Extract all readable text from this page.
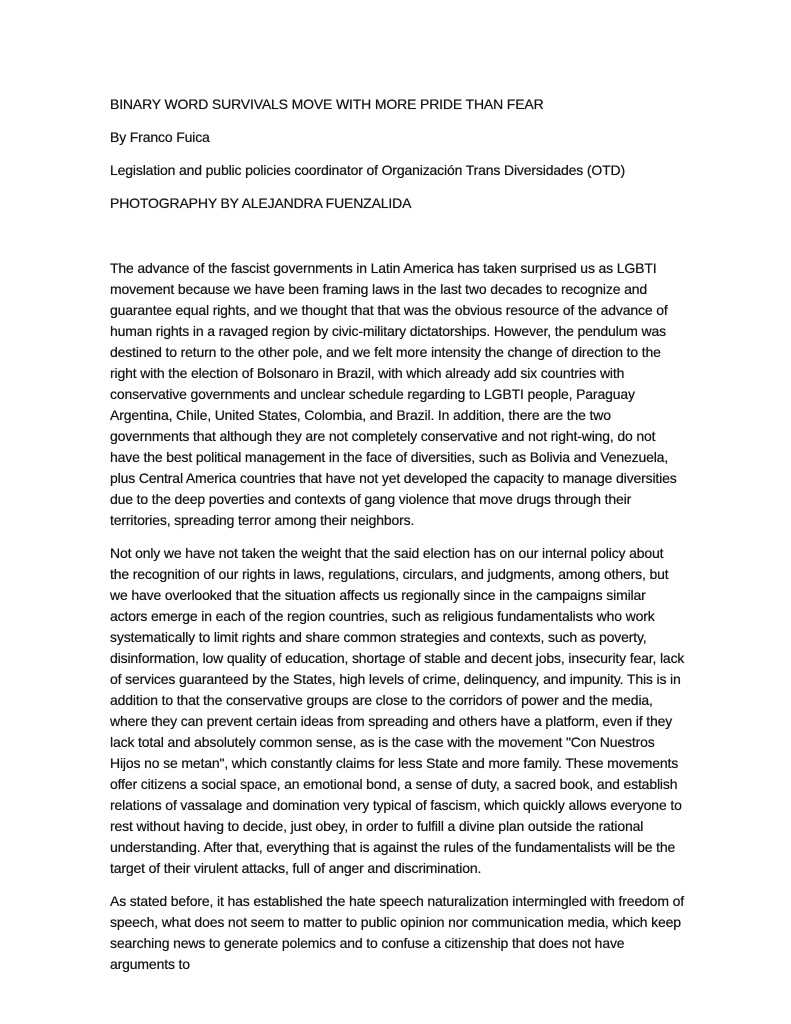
BINARY WORD SURVIVALS MOVE WITH MORE PRIDE THAN FEAR

By Franco Fuica

Legislation and public policies coordinator of Organización Trans Diversidades (OTD)

PHOTOGRAPHY BY ALEJANDRA FUENZALIDA

The advance of the fascist governments in Latin America has taken surprised us as LGBTI movement because we have been framing laws in the last two decades to recognize and guarantee equal rights, and we thought that that was the obvious resource of the advance of human rights in a ravaged region by civic-military dictatorships. However, the pendulum was destined to return to the other pole, and we felt more intensity the change of direction to the right with the election of Bolsonaro in Brazil, with which already add six countries with conservative governments and unclear schedule regarding to LGBTI people, Paraguay Argentina, Chile, United States, Colombia, and Brazil. In addition, there are the two governments that although they are not completely conservative and not right-wing, do not have the best political management in the face of diversities, such as Bolivia and Venezuela, plus Central America countries that have not yet developed the capacity to manage diversities due to the deep poverties and contexts of gang violence that move drugs through their territories, spreading terror among their neighbors.

Not only we have not taken the weight that the said election has on our internal policy about the recognition of our rights in laws, regulations, circulars, and judgments, among others, but we have overlooked that the situation affects us regionally since in the campaigns similar actors emerge in each of the region countries, such as religious fundamentalists who work systematically to limit rights and share common strategies and contexts, such as poverty, disinformation, low quality of education, shortage of stable and decent jobs, insecurity fear, lack of services guaranteed by the States, high levels of crime, delinquency, and impunity. This is in addition to that the conservative groups are close to the corridors of power and the media, where they can prevent certain ideas from spreading and others have a platform, even if they lack total and absolutely common sense, as is the case with the movement "Con Nuestros Hijos no se metan", which constantly claims for less State and more family. These movements offer citizens a social space, an emotional bond, a sense of duty, a sacred book, and establish relations of vassalage and domination very typical of fascism, which quickly allows everyone to rest without having to decide, just obey, in order to fulfill a divine plan outside the rational understanding. After that, everything that is against the rules of the fundamentalists will be the target of their virulent attacks, full of anger and discrimination.

As stated before, it has established the hate speech naturalization intermingled with freedom of speech, what does not seem to matter to public opinion nor communication media, which keep searching news to generate polemics and to confuse a citizenship that does not have arguments to
